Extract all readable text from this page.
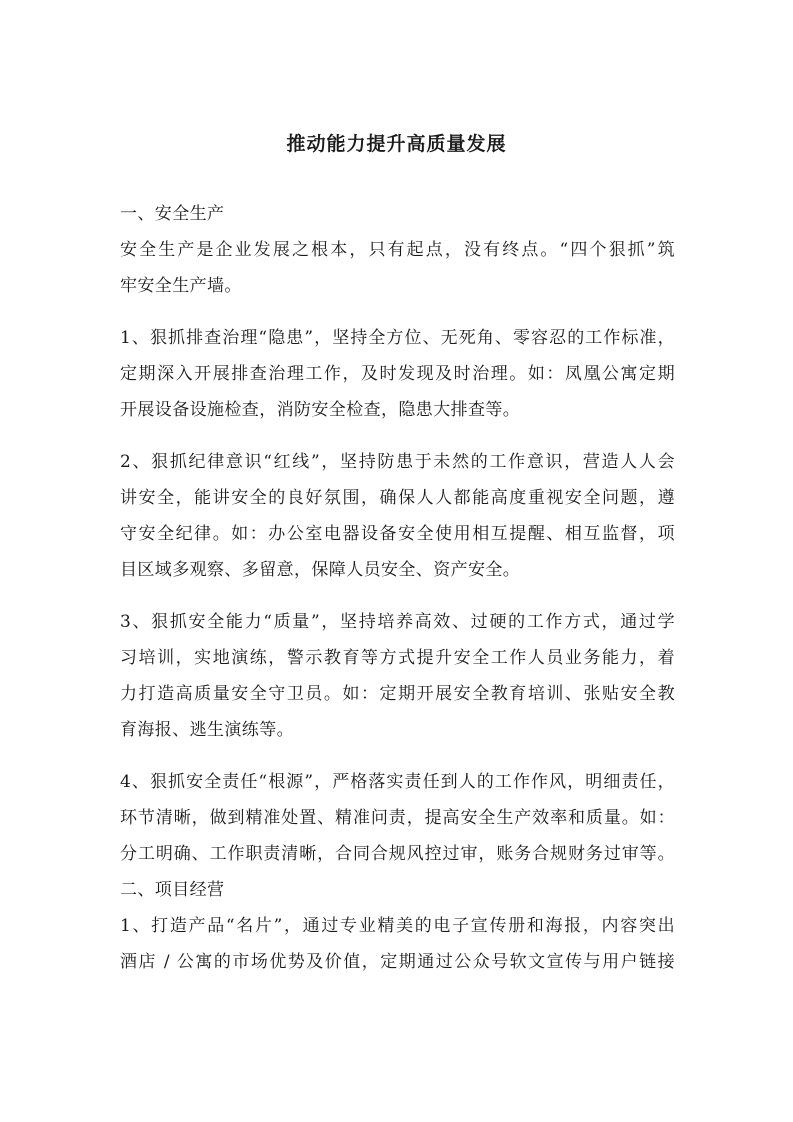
推动能力提升高质量发展
一、安全生产
安全生产是企业发展之根本，只有起点，没有终点。“四个狠抓”筑
牢安全生产墙。
1、狠抓排查治理“隐患”，坚持全方位、无死角、零容忍的工作标准，
定期深入开展排查治理工作，及时发现及时治理。如：凤凰公寓定期
开展设备设施检查，消防安全检查，隐患大排查等。
2、狠抓纪律意识“红线”，坚持防患于未然的工作意识，营造人人会
讲安全，能讲安全的良好氛围，确保人人都能高度重视安全问题，遵
守安全纪律。如：办公室电器设备安全使用相互提醒、相互监督，项
目区域多观察、多留意，保障人员安全、资产安全。
3、狠抓安全能力“质量”，坚持培养高效、过硬的工作方式，通过学
习培训，实地演练，警示教育等方式提升安全工作人员业务能力，着
力打造高质量安全守卫员。如：定期开展安全教育培训、张贴安全教
育海报、逃生演练等。
4、狠抓安全责任“根源”，严格落实责任到人的工作作风，明细责任，
环节清晰，做到精准处置、精准问责，提高安全生产效率和质量。如：
分工明确、工作职责清晰，合同合规风控过审，账务合规财务过审等。
二、项目经营
1、打造产品“名片”，通过专业精美的电子宣传册和海报，内容突出
酒店 / 公寓的市场优势及价值，定期通过公众号软文宣传与用户链接
